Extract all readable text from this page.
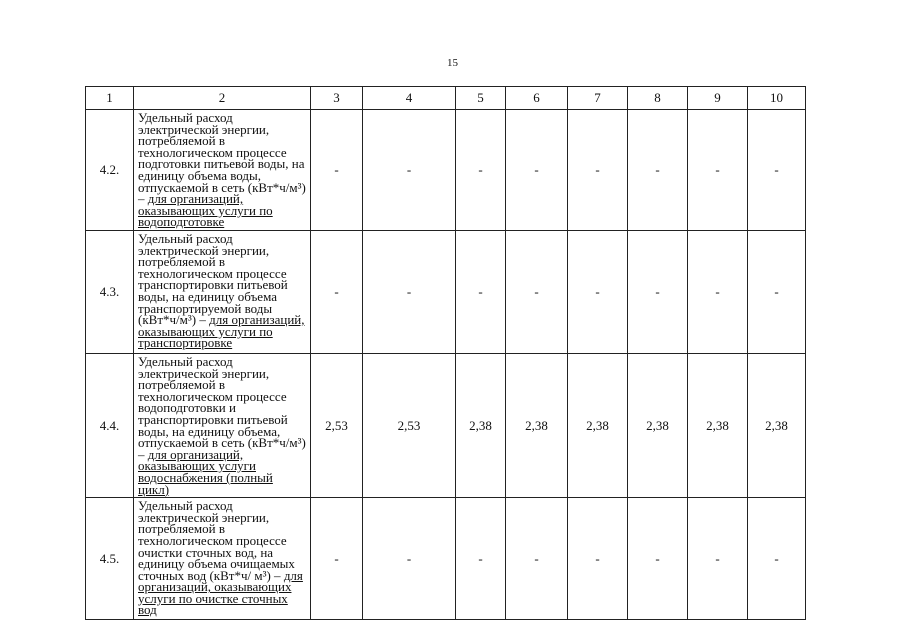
15
1	2	3	4	5	6	7	8	9	10
4.2.	Удельный расход электрической энергии, потребляемой в технологическом процессе подготовки питьевой воды, на единицу объема воды, отпускаемой в сеть (кВт*ч/м³) – для организаций, оказывающих услуги по водоподготовке	-	-	-	-	-	-	-	-
4.3.	Удельный расход электрической энергии, потребляемой в технологическом процессе транспортировки питьевой воды, на единицу объема транспортируемой воды (кВт*ч/м³) – для организаций, оказывающих услуги по транспортировке	-	-	-	-	-	-	-	-
4.4.	Удельный расход электрической энергии, потребляемой в технологическом процессе водоподготовки и транспортировки питьевой воды, на единицу объема, отпускаемой в сеть (кВт*ч/м³) – для организаций, оказывающих услуги водоснабжения (полный цикл)	2,53	2,53	2,38	2,38	2,38	2,38	2,38	2,38
4.5.	Удельный расход электрической энергии, потребляемой в технологическом процессе очистки сточных вод, на единицу объема очищаемых сточных вод (кВт*ч/ м³) – для организаций, оказывающих услуги по очистке сточных вод	-	-	-	-	-	-	-	-
